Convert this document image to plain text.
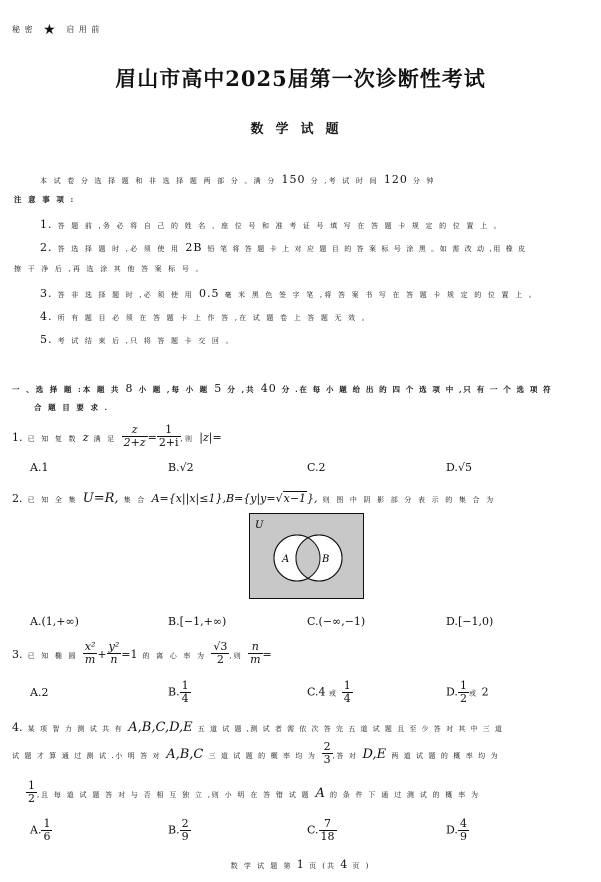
秘 密 ★ 启 用 前
眉山市高中2025届第一次诊断性考试
数学试题
本 试 卷 分 选 择 题 和 非 选 择 题 两 部 分 。满 分 150 分 ,考 试 时 间 120 分 钟
注 意 事 项 :
1. 答 题 前 ,务 必 将 自 己 的 姓 名 、座 位 号 和 准 考 证 号 填 写 在 答 题 卡 规 定 的 位 置 上 。
2. 答 选 择 题 时 ,必 须 使 用 2B 铅 笔 将 答 题 卡 上 对 应 题 目 的 答 案 标 号 涂 黑 。如 需 改 动 ,用 橡 皮
擦 干 净 后 ,再 选 涂 其 他 答 案 标 号 。
3. 答 非 选 择 题 时 ,必 须 使 用 0.5 毫 米 黑 色 签 字 笔 ,将 答 案 书 写 在 答 题 卡 规 定 的 位 置 上 。
4. 所 有 题 目 必 须 在 答 题 卡 上 作 答 ,在 试 题 卷 上 答 题 无 效 。
5. 考 试 结 束 后 ,只 将 答 题 卡 交 回 。
一 、选 择 题 :本 题 共 8 小 题 ,每 小 题 5 分 ,共 40 分 .在 每 小 题 给 出 的 四 个 选 项 中 ,只 有 一 个 选 项 符
合 题 目 要 求 .
1. 已 知 复 数 z 满 足 $\frac{z}{2+z} = \frac{1}{2+i}$ ,则 |z|=
A.1	B.√2	C.2	D.√5
2. 已 知 全 集 U=R, 集 合 A={x||x|≤1},B={y|y=√x−1}, 则 图 中 阴 影 部 分 表 示 的 集 合 为
U
A	B
A.(1,+∞)	B.[−1,+∞)	C.(−∞,−1)	D.[−1,0)
3. 已 知 椭 圆 $\frac{\text{x²}}{m} + \frac{\text{y²}}{n} =1$ 的 离 心 率 为 $\frac{√3}{2}$ ,则 $\frac{n}{m}$ =
A.2	B. $\frac{1}{4}$	C.4 或 $\frac{1}{4}$	D. $\frac{1}{2}$ 或 2
4. 某 项 智 力 测 试 共 有 A,B,C,D,E 五 道 试 题 ,测 试 者 需 依 次 答 完 五 道 试 题 且 至 少 答 对 其 中 三 道
试 题 才 算 通 过 测 试 .小 明 答 对 A,B,C 三 道 试 题 的 概 率 均 为 $\frac{2}{3}$ ,答 对 D,E 两 道 试 题 的 概 率 均 为
$\frac{1}{2}$ ,且 每 道 试 题 答 对 与 否 相 互 独 立 ,则 小 明 在 答 错 试 题 A 的 条 件 下 通 过 测 试 的 概 率 为
A. $\frac{1}{6}$	B. $\frac{2}{9}$	C. $\frac{7}{18}$	D. $\frac{4}{9}$
数 学 试 题 第 1 页 (共 4 页 )
